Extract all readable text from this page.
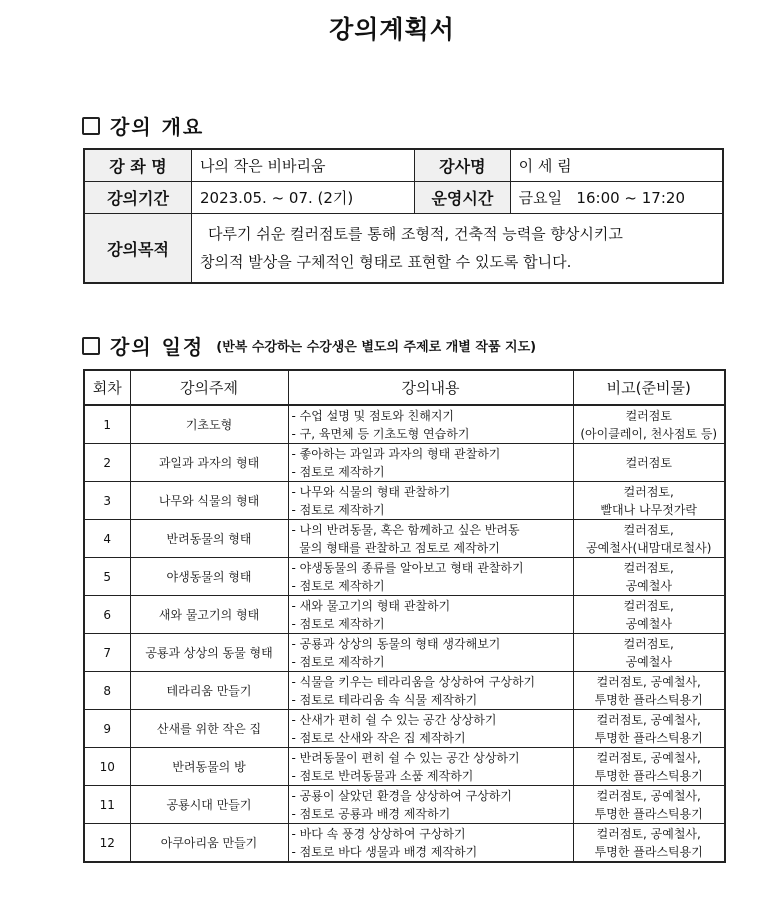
강의계획서
강의 개요
강 좌 명	나의 작은 비바리움	강사명	이 세 림
강의기간	2023.05. ~ 07. (2기)	운영시간	금요일   16:00 ~ 17:20
강의목적	다루기 쉬운 컬러점토를 통해 조형적, 건축적 능력을 향상시키고
창의적 발상을 구체적인 형태로 표현할 수 있도록 합니다.		
강의 일정 (반복 수강하는 수강생은 별도의 주제로 개별 작품 지도)
회차	강의주제	강의내용	비고(준비물)
1	기초도형	- 수업 설명 및 점토와 친해지기
- 구, 육면체 등 기초도형 연습하기	컬러점토
(아이클레이, 천사점토 등)

2	과일과 과자의 형태	- 좋아하는 과일과 과자의 형태 관찰하기
- 점토로 제작하기	컬러점토

3	나무와 식물의 형태	- 나무와 식물의 형태 관찰하기
- 점토로 제작하기	컬러점토,
빨대나 나무젓가락

4	반려동물의 형태	- 나의 반려동물, 혹은 함께하고 싶은 반려동
물의 형태를 관찰하고 점토로 제작하기	컬러점토,
공예철사(내맘대로철사)

5	야생동물의 형태	- 야생동물의 종류를 알아보고 형태 관찰하기
- 점토로 제작하기	컬러점토,
공예철사

6	새와 물고기의 형태	- 새와 물고기의 형태 관찰하기
- 점토로 제작하기	컬러점토,
공예철사

7	공룡과 상상의 동물 형태	- 공룡과 상상의 동물의 형태 생각해보기
- 점토로 제작하기	컬러점토,
공예철사

8	테라리움 만들기	- 식물을 키우는 테라리움을 상상하여 구상하기
- 점토로 테라리움 속 식물 제작하기	컬러점토, 공예철사,
투명한 플라스틱용기

9	산새를 위한 작은 집	- 산새가 편히 쉴 수 있는 공간 상상하기
- 점토로 산새와 작은 집 제작하기	컬러점토, 공예철사,
투명한 플라스틱용기

10	반려동물의 방	- 반려동물이 편히 쉴 수 있는 공간 상상하기
- 점토로 반려동물과 소품 제작하기	컬러점토, 공예철사,
투명한 플라스틱용기

11	공룡시대 만들기	- 공룡이 살았던 환경을 상상하여 구상하기
- 점토로 공룡과 배경 제작하기	컬러점토, 공예철사,
투명한 플라스틱용기

12	아쿠아리움 만들기	- 바다 속 풍경 상상하여 구상하기
- 점토로 바다 생물과 배경 제작하기	컬러점토, 공예철사,
투명한 플라스틱용기
